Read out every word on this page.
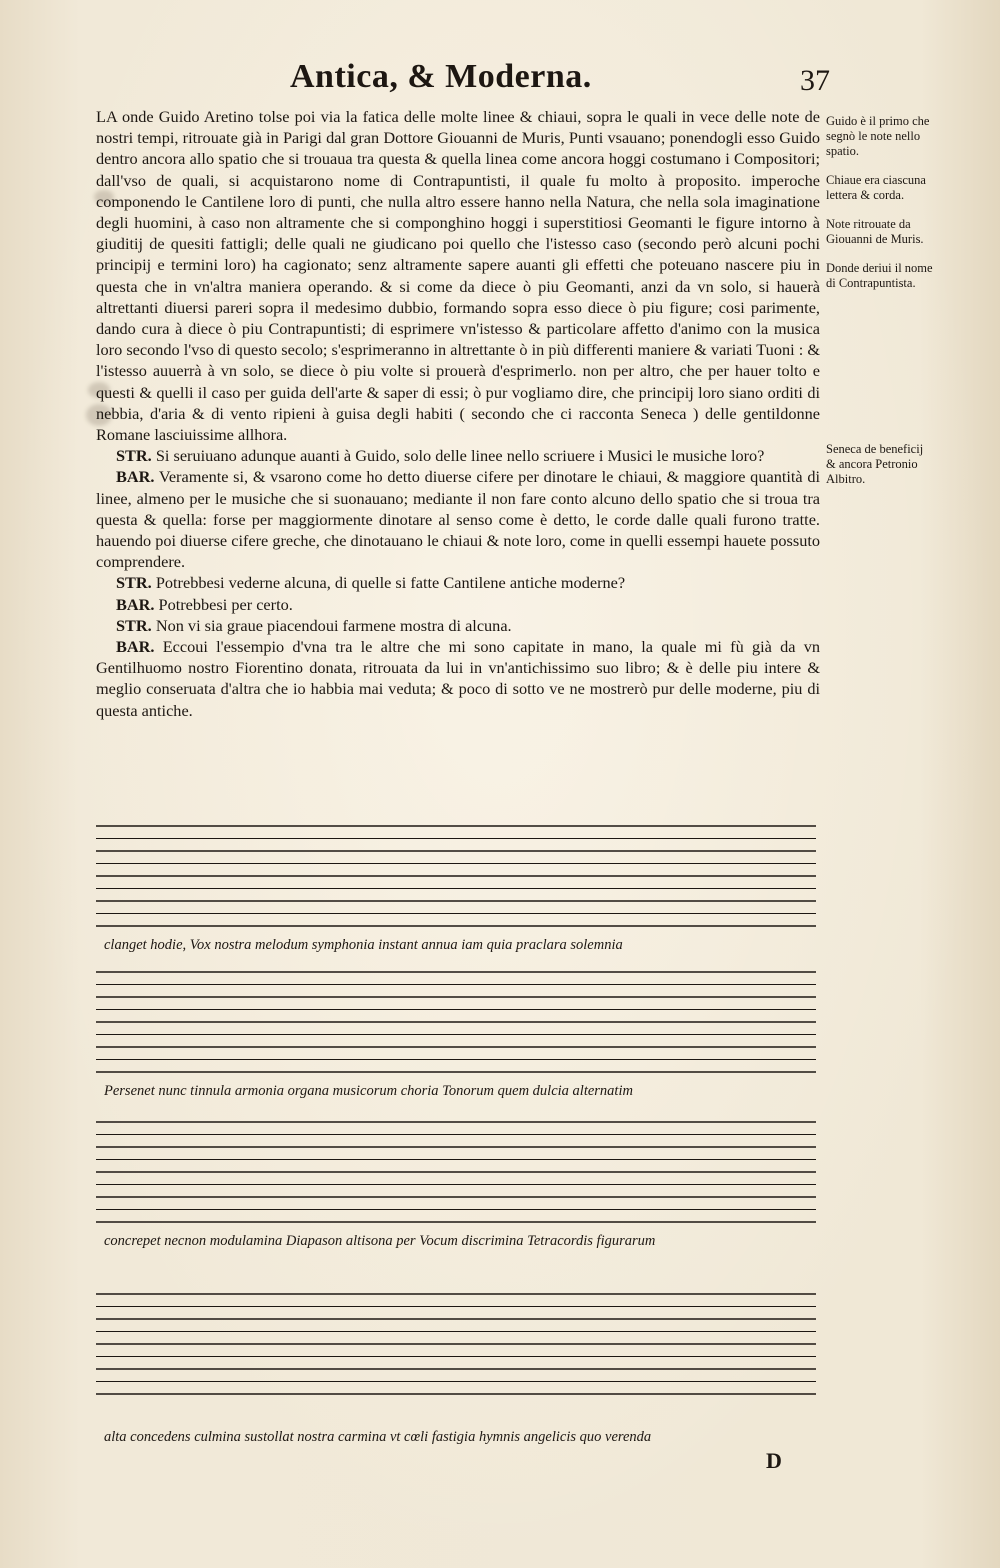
Antica, & Moderna.	37

LA onde Guido Aretino tolse poi via la fatica delle molte linee & chiaui, sopra le quali in vece delle note de nostri tempi, ritrouate già in Parigi dal gran Dottore Giouanni de Muris, Punti vsauano; ponendogli esso Guido dentro ancora allo spatio che si trouaua tra questa & quella linea come ancora hoggi costumano i Compositori; dall'vso de quali, si acquistarono nome di Contrapuntisti, il quale fu molto à proposito. imperoche componendo le Cantilene loro di punti, che nulla altro essere hanno nella Natura, che nella sola imaginatione degli huomini, à caso non altramente che si componghino hoggi i superstitiosi Geomanti le figure intorno à giuditij de quesiti fattigli; delle quali ne giudicano poi quello che l'istesso caso (secondo però alcuni pochi principij e termini loro) ha cagionato; senz altramente sapere auanti gli effetti che poteuano nascere piu in questa che in vn'altra maniera operando. & si come da diece ò piu Geomanti, anzi da vn solo, si hauerà altrettanti diuersi pareri sopra il medesimo dubbio, formando sopra esso diece ò piu figure; cosi parimente, dando cura à diece ò piu Contrapuntisti; di esprimere vn'istesso & particolare affetto d'animo con la musica loro secondo l'vso di questo secolo; s'esprimeranno in altrettante ò in più differenti maniere & variati Tuoni : & l'istesso auuerrà à vn solo, se diece ò piu volte si prouerà d'esprimerlo. non per altro, che per hauer tolto e questi & quelli il caso per guida dell'arte & saper di essi; ò pur vogliamo dire, che principij loro siano orditi di nebbia, d'aria & di vento ripieni à guisa degli habiti ( secondo che ci racconta Seneca ) delle gentildonne Romane lasciuissime allhora.

STR. Si seruiuano adunque auanti à Guido, solo delle linee nello scriuere i Musici le musiche loro?

BAR. Veramente si, & vsarono come ho detto diuerse cifere per dinotare le chiaui, & maggiore quantità di linee, almeno per le musiche che si suonauano; mediante il non fare conto alcuno dello spatio che si troua tra questa & quella: forse per maggiormente dinotare al senso come è detto, le corde dalle quali furono tratte. hauendo poi diuerse cifere greche, che dinotauano le chiaui & note loro, come in quelli essempi hauete possuto comprendere.

STR. Potrebbesi vederne alcuna, di quelle si fatte Cantilene antiche moderne?

BAR. Potrebbesi per certo.

STR. Non vi sia graue piacendoui farmene mostra di alcuna.

BAR. Eccoui l'essempio d'vna tra le altre che mi sono capitate in mano, la quale mi fù già da vn Gentilhuomo nostro Fiorentino donata, ritrouata da lui in vn'antichissimo suo libro; & è delle piu intere & meglio conseruata d'altra che io habbia mai veduta; & poco di sotto ve ne mostrerò pur delle moderne, piu di questa antiche.

Guido è il primo che segnò le note nello spatio.

Chiaue era ciascuna lettera & corda.

Note ritrouate da Giouanni de Muris.

Donde deriui il nome di Contrapuntista.

Seneca de beneficij & ancora Petronio Albitro.

clanget hodie, Vox nostra melodum symphonia instant annua iam quia praclara solemnia
Persenet nunc tinnula armonia organa musicorum choria Tonorum quem dulcia alternatim
concrepet necnon modulamina Diapason altisona per Vocum discrimina Tetracordis figurarum
alta concedens culmina sustollat nostra carmina vt cœli fastigia hymnis angelicis quo verenda
D
